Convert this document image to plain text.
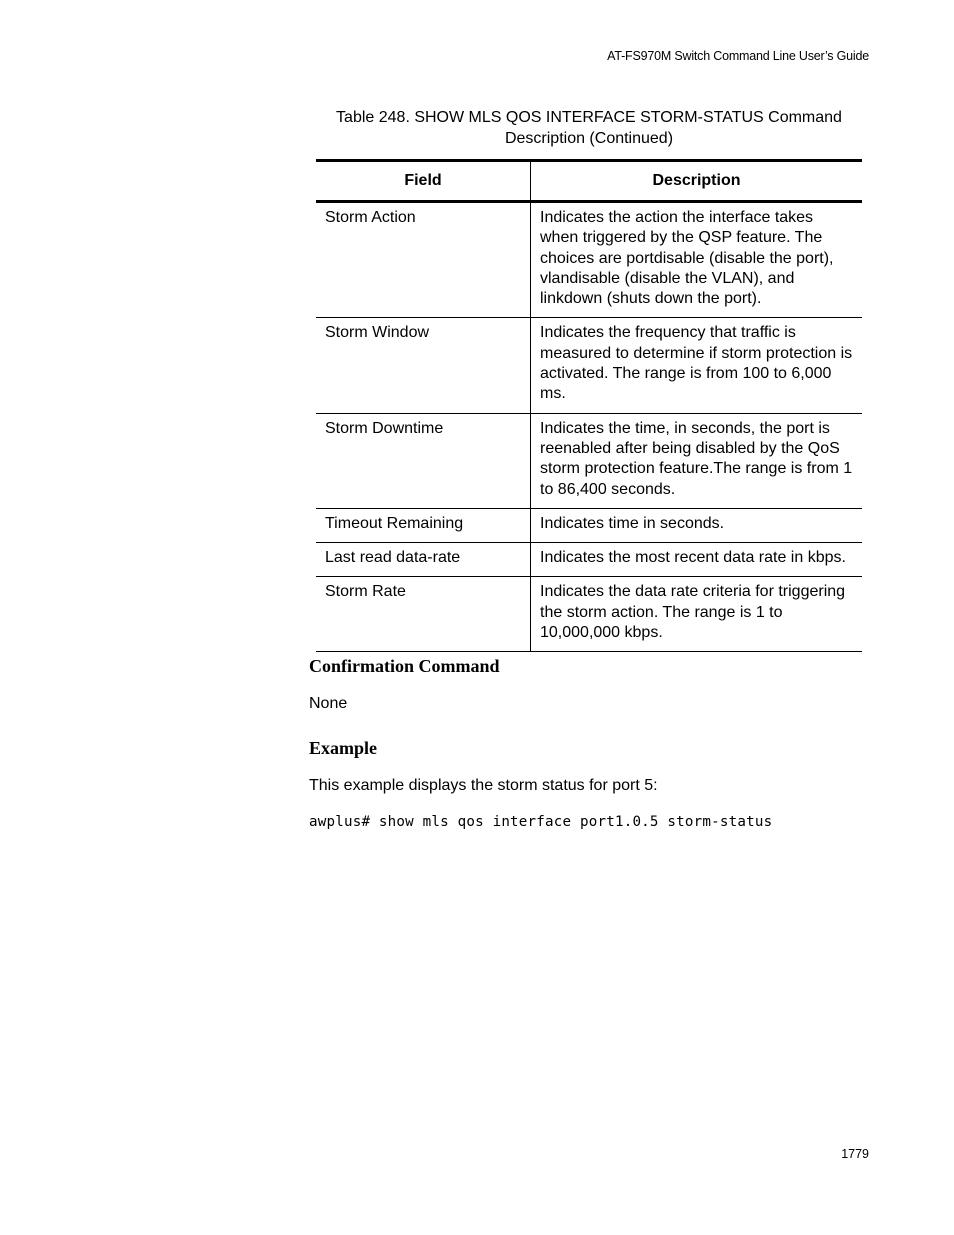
AT-FS970M Switch Command Line User’s Guide
Table 248. SHOW MLS QOS INTERFACE STORM-STATUS Command
Description (Continued)
Field	Description
Storm Action	Indicates the action the interface takes when triggered by the QSP feature. The choices are portdisable (disable the port), vlandisable (disable the VLAN), and linkdown (shuts down the port).
Storm Window	Indicates the frequency that traffic is measured to determine if storm protection is activated. The range is from 100 to 6,000 ms.
Storm Downtime	Indicates the time, in seconds, the port is reenabled after being disabled by the QoS storm protection feature.The range is from 1 to 86,400 seconds.
Timeout Remaining	Indicates time in seconds.
Last read data-rate	Indicates the most recent data rate in kbps.
Storm Rate	Indicates the data rate criteria for triggering the storm action. The range is 1 to 10,000,000 kbps.
Confirmation Command
None
Example
This example displays the storm status for port 5:
awplus# show mls qos interface port1.0.5 storm-status
1779
